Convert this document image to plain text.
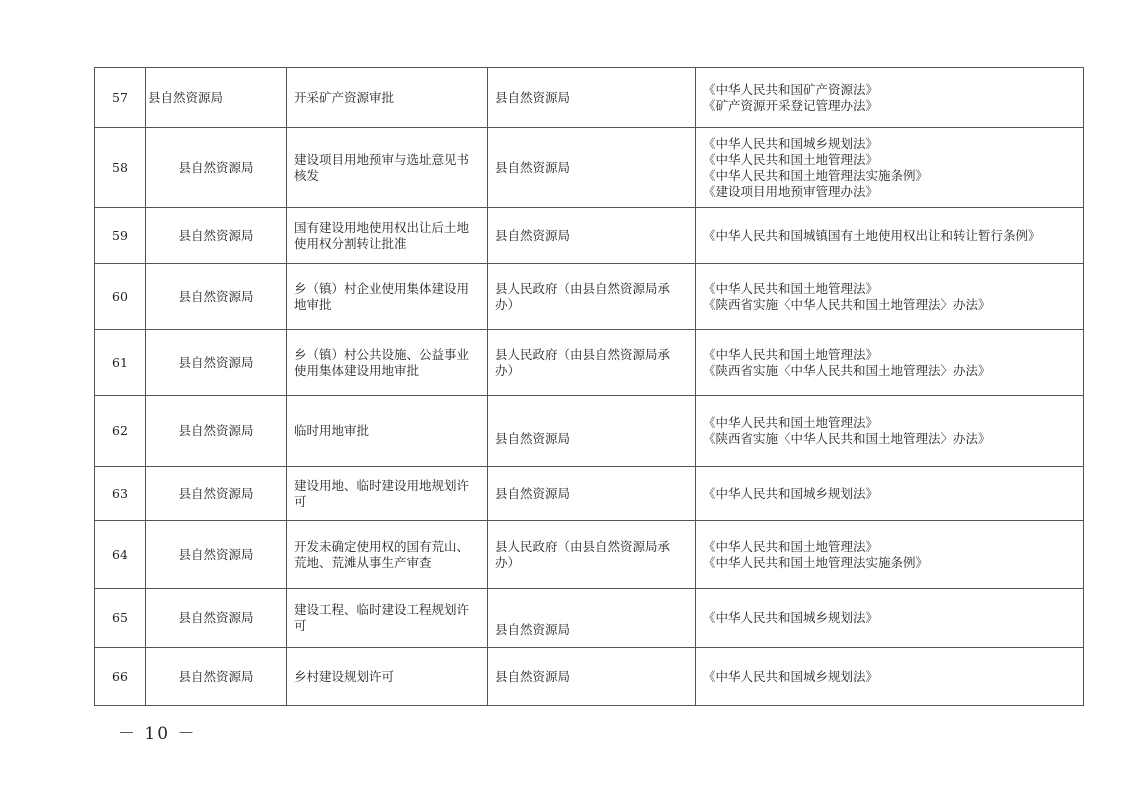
57	县自然资源局	开采矿产资源审批	县自然资源局	《中华人民共和国矿产资源法》
《矿产资源开采登记管理办法》

58	县自然资源局	建设项目用地预审与选址意见书核发	县自然资源局	《中华人民共和国城乡规划法》
《中华人民共和国土地管理法》
《中华人民共和国土地管理法实施条例》
《建设项目用地预审管理办法》

59	县自然资源局	国有建设用地使用权出让后土地使用权分割转让批准	县自然资源局	《中华人民共和国城镇国有土地使用权出让和转让暂行条例》

60	县自然资源局	乡（镇）村企业使用集体建设用地审批	县人民政府（由县自然资源局承办）	《中华人民共和国土地管理法》
《陕西省实施〈中华人民共和国土地管理法〉办法》

61	县自然资源局	乡（镇）村公共设施、公益事业使用集体建设用地审批	县人民政府（由县自然资源局承办）	《中华人民共和国土地管理法》
《陕西省实施〈中华人民共和国土地管理法〉办法》

62	县自然资源局	临时用地审批	县自然资源局	《中华人民共和国土地管理法》
《陕西省实施〈中华人民共和国土地管理法〉办法》

63	县自然资源局	建设用地、临时建设用地规划许可	县自然资源局	《中华人民共和国城乡规划法》

64	县自然资源局	开发未确定使用权的国有荒山、荒地、荒滩从事生产审查	县人民政府（由县自然资源局承办）	《中华人民共和国土地管理法》
《中华人民共和国土地管理法实施条例》

65	县自然资源局	建设工程、临时建设工程规划许可	县自然资源局	《中华人民共和国城乡规划法》

66	县自然资源局	乡村建设规划许可	县自然资源局	《中华人民共和国城乡规划法》
－ 10 －
